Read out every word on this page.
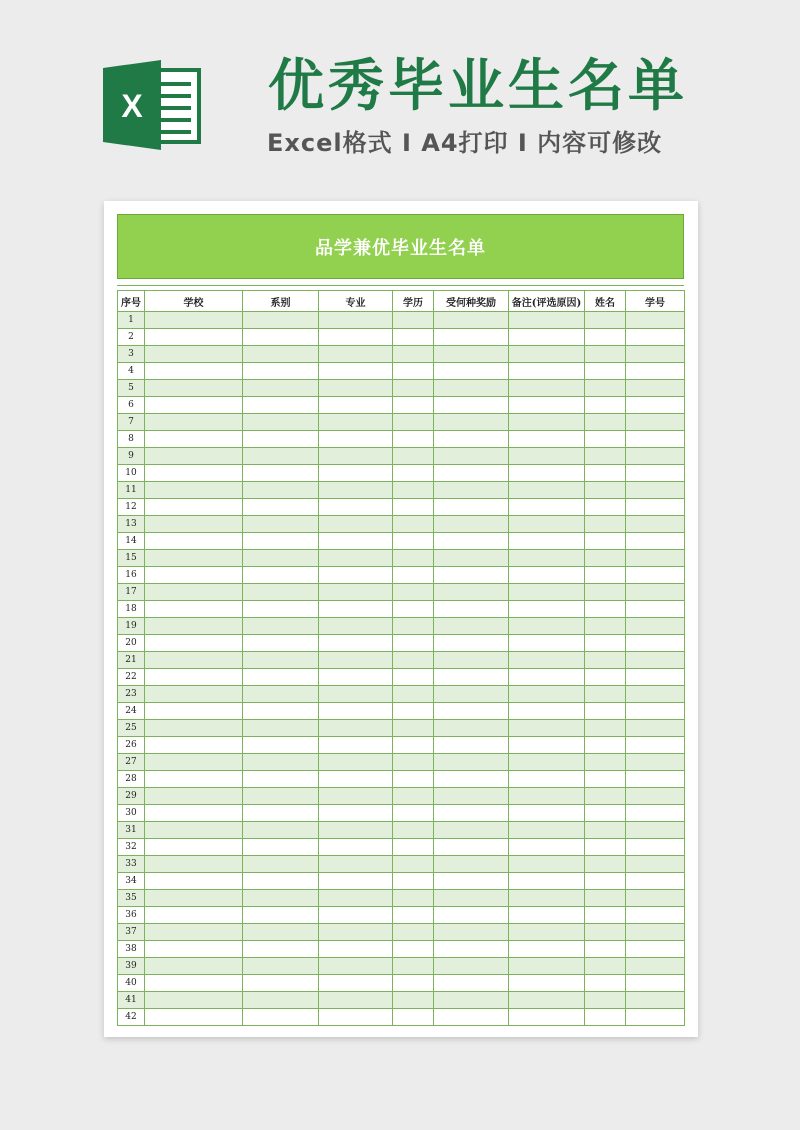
X 优秀毕业生名单
Excel格式 I A4打印 I 内容可修改
品学兼优毕业生名单
序号	学校	系别	专业	学历	受何种奖励	备注(评选原因)	姓名	学号
1								
2								
3								
4								
5								
6								
7								
8								
9								
10								
11								
12								
13								
14								
15								
16								
17								
18								
19								
20								
21								
22								
23								
24								
25								
26								
27								
28								
29								
30								
31								
32								
33								
34								
35								
36								
37								
38								
39								
40								
41								
42								
